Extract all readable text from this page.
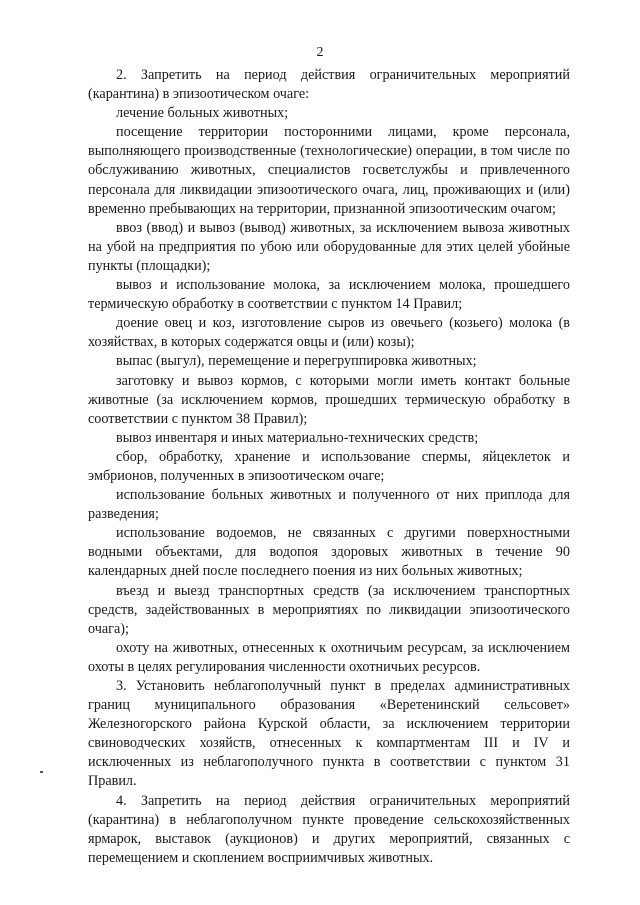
2

2. Запретить на период действия ограничительных мероприятий (карантина) в эпизоотическом очаге:

лечение больных животных;

посещение территории посторонними лицами, кроме персонала, выполняющего производственные (технологические) операции, в том числе по обслуживанию животных, специалистов госветслужбы и привлеченного персонала для ликвидации эпизоотического очага, лиц, проживающих и (или) временно пребывающих на территории, признанной эпизоотическим очагом;

ввоз (ввод) и вывоз (вывод) животных, за исключением вывоза животных на убой на предприятия по убою или оборудованные для этих целей убойные пункты (площадки);

вывоз и использование молока, за исключением молока, прошедшего термическую обработку в соответствии с пунктом 14 Правил;

доение овец и коз, изготовление сыров из овечьего (козьего) молока (в хозяйствах, в которых содержатся овцы и (или) козы);

выпас (выгул), перемещение и перегруппировка животных;

заготовку и вывоз кормов, с которыми могли иметь контакт больные животные (за исключением кормов, прошедших термическую обработку в соответствии с пунктом 38 Правил);

вывоз инвентаря и иных материально-технических средств;

сбор, обработку, хранение и использование спермы, яйцеклеток и эмбрионов, полученных в эпизоотическом очаге;

использование больных животных и полученного от них приплода для разведения;

использование водоемов, не связанных с другими поверхностными водными объектами, для водопоя здоровых животных в течение 90 календарных дней после последнего поения из них больных животных;

въезд и выезд транспортных средств (за исключением транспортных средств, задействованных в мероприятиях по ликвидации эпизоотического очага);

охоту на животных, отнесенных к охотничьим ресурсам, за исключением охоты в целях регулирования численности охотничьих ресурсов.

3. Установить неблагополучный пункт в пределах административных границ муниципального образования «Веретенинский сельсовет» Железногорского района Курской области, за исключением территории свиноводческих хозяйств, отнесенных к компартментам III и IV и исключенных из неблагополучного пункта в соответствии с пунктом 31 Правил.

4. Запретить на период действия ограничительных мероприятий (карантина) в неблагополучном пункте проведение сельскохозяйственных ярмарок, выставок (аукционов) и других мероприятий, связанных с перемещением и скоплением восприимчивых животных.
